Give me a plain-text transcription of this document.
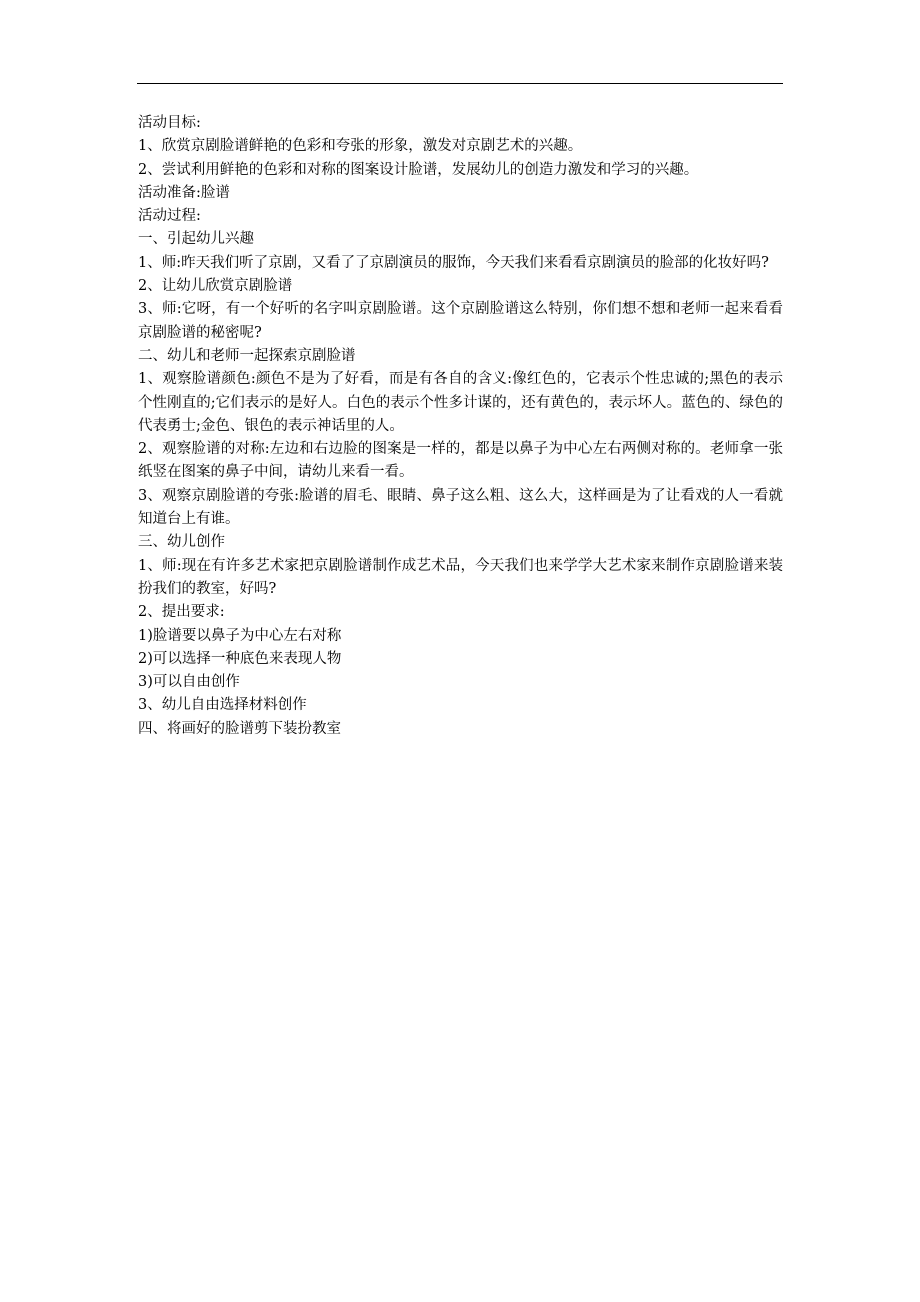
活动目标:

1、欣赏京剧脸谱鲜艳的色彩和夸张的形象，激发对京剧艺术的兴趣。

2、尝试利用鲜艳的色彩和对称的图案设计脸谱，发展幼儿的创造力激发和学习的兴趣。

活动准备:脸谱

活动过程:

一、引起幼儿兴趣

1、师:昨天我们听了京剧，又看了了京剧演员的服饰，今天我们来看看京剧演员的脸部的化妆好吗?

2、让幼儿欣赏京剧脸谱

3、师:它呀，有一个好听的名字叫京剧脸谱。这个京剧脸谱这么特别，你们想不想和老师一起来看看京剧脸谱的秘密呢?

二、幼儿和老师一起探索京剧脸谱

1、观察脸谱颜色:颜色不是为了好看，而是有各自的含义:像红色的，它表示个性忠诚的;黑色的表示个性刚直的;它们表示的是好人。白色的表示个性多计谋的，还有黄色的，表示坏人。蓝色的、绿色的代表勇士;金色、银色的表示神话里的人。

2、观察脸谱的对称:左边和右边脸的图案是一样的，都是以鼻子为中心左右两侧对称的。老师拿一张纸竖在图案的鼻子中间，请幼儿来看一看。

3、观察京剧脸谱的夸张:脸谱的眉毛、眼睛、鼻子这么粗、这么大，这样画是为了让看戏的人一看就知道台上有谁。

三、幼儿创作

1、师:现在有许多艺术家把京剧脸谱制作成艺术品，今天我们也来学学大艺术家来制作京剧脸谱来装扮我们的教室，好吗?

2、提出要求:

1)脸谱要以鼻子为中心左右对称

2)可以选择一种底色来表现人物

3)可以自由创作

3、幼儿自由选择材料创作

四、将画好的脸谱剪下装扮教室
